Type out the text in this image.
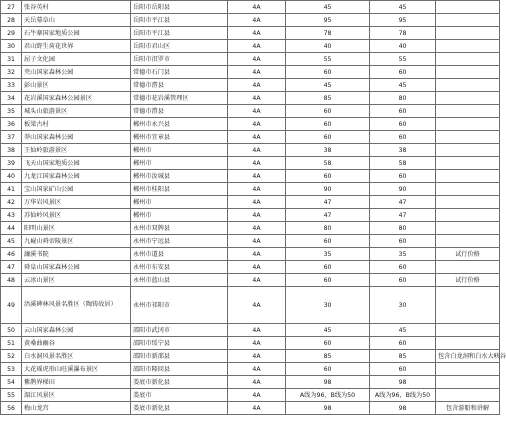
27	张谷英村	岳阳市岳阳县	4A	45	45	
28	天岳幕阜山	岳阳市平江县	4A	95	95	
29	石牛寨国家地质公园	岳阳市平江县	4A	78	78	
30	君山野生荷花世界	岳阳市君山区	4A	40	40	
31	屈子文化园	岳阳市汨罗市	4A	55	55	
32	夹山国家森林公园	常德市石门县	4A	60	60	
33	彭山景区	常德市澧县	4A	45	45	
34	花岩溪国家森林公园景区	常德市花岩溪管理区	4A	85	80	
35	城头山旅游景区	常德市澧县	4A	60	60	
36	板梁古村	郴州市永兴县	4A	60	60	
37	莽山国家森林公园	郴州市宜章县	4A	60	60	
38	王仙岭旅游景区	郴州市	4A	38	38	
39	飞天山国家地质公园	郴州市	4A	58	58	
40	九龙江国家森林公园	郴州市汝城县	4A	60	60	
41	宝山国家矿山公园	郴州市桂阳县	4A	90	90	
42	万华岩风景区	郴州市	4A	47	47	
43	苏仙岭风景区	郴州市	4A	47	47	
44	阳明山景区	永州市双牌县	4A	80	80	
45	九嶷山舜帝陵景区	永州市宁远县	4A	60	60	
46	濂溪书院	永州市道县	4A	35	35	试行价格
47	舜皇山国家森林公园	永州市东安县	4A	60	60	
48	云冰山景区	永州市蓝山县	4A	60	60	试行价格
49	浯溪碑林风景名胜区（陶铸故居）	永州市祁阳市	4A	30	30	
50	云山国家森林公园	邵阳市武冈市	4A	45	45	
51	黄桑曲幽谷	邵阳市绥宁县	4A	60	60	
52	白水洞风景名胜区	邵阳市新邵县	4A	85	85	包含白龙洞和白水大峡谷
53	大花瑶虎形山旺溪瀑布景区	邵阳市隆回县	4A	60	60	
54	紫鹊界梯田	娄底市新化县	4A	98	98	
55	湄江风景区	娄底市	4A	A线为96，B线为50	A线为96，B线为50	
56	梅山龙宫	娄底市新化县	4A	98	98	包含游船和讲解
